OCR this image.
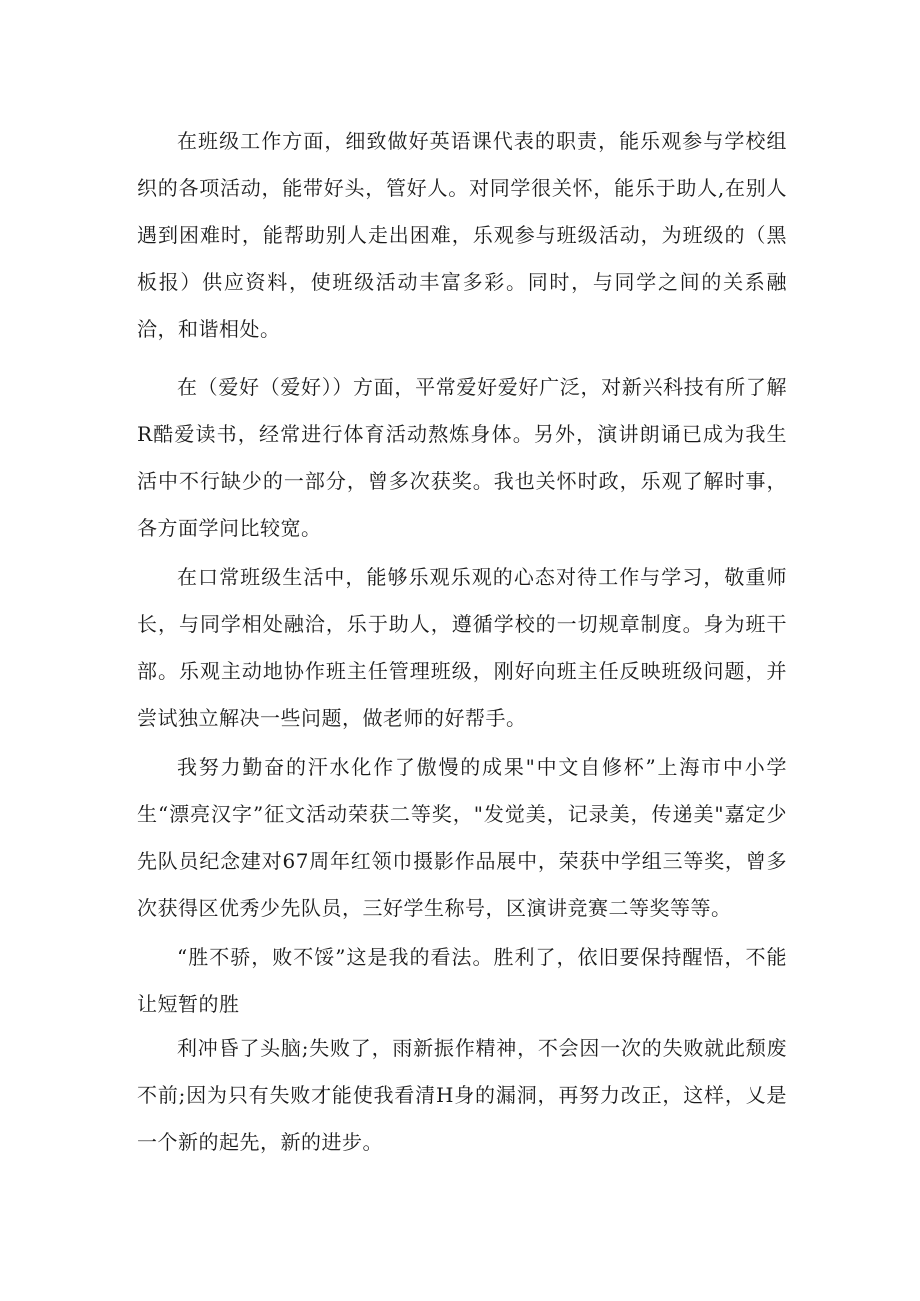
在班级工作方面，细致做好英语课代表的职责，能乐观参与学校组织的各项活动，能带好头，管好人。对同学很关怀，能乐于助人,在别人遇到困难时，能帮助别人走出困难，乐观参与班级活动，为班级的（黑板报）供应资料，使班级活动丰富多彩。同时，与同学之间的关系融洽，和谐相处。

在（爱好（爱好））方面，平常爱好爱好广泛，对新兴科技有所了解R酷爱读书，经常进行体育活动熬炼身体。另外，演讲朗诵已成为我生活中不行缺少的一部分，曾多次获奖。我也关怀时政，乐观了解时事，各方面学问比较宽。

在口常班级生活中，能够乐观乐观的心态对待工作与学习，敬重师长，与同学相处融洽，乐于助人，遵循学校的一切规章制度。身为班干部。乐观主动地协作班主任管理班级，刚好向班主任反映班级问题，并尝试独立解决一些问题，做老师的好帮手。

我努力勤奋的汗水化作了傲慢的成果"中文自修杯”上海市中小学生“漂亮汉字”征文活动荣获二等奖，"发觉美，记录美，传递美"嘉定少先队员纪念建对67周年红领巾摄影作品展中，荣获中学组三等奖，曾多次获得区优秀少先队员，三好学生称号，区演讲竞赛二等奖等等。

“胜不骄，败不馁”这是我的看法。胜利了，依旧要保持醒悟，不能让短暂的胜

利冲昏了头脑;失败了，雨新振作精神，不会因一次的失败就此颓废不前;因为只有失败才能使我看清H身的漏洞，再努力改正，这样，乂是一个新的起先，新的进步。
